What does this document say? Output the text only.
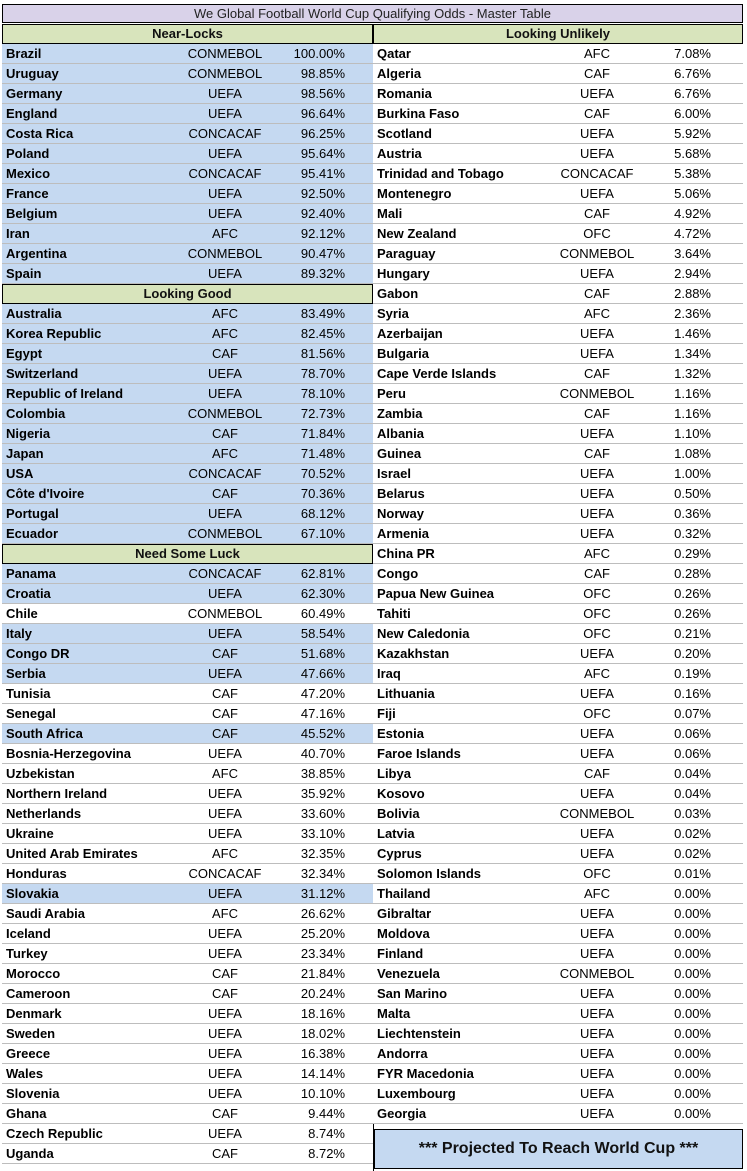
We Global Football World Cup Qualifying Odds - Master Table
Near-Locks
Brazil	CONMEBOL	100.00%
Uruguay	CONMEBOL	98.85%
Germany	UEFA	98.56%
England	UEFA	96.64%
Costa Rica	CONCACAF	96.25%
Poland	UEFA	95.64%
Mexico	CONCACAF	95.41%
France	UEFA	92.50%
Belgium	UEFA	92.40%
Iran	AFC	92.12%
Argentina	CONMEBOL	90.47%
Spain	UEFA	89.32%
Looking Good
Australia	AFC	83.49%
Korea Republic	AFC	82.45%
Egypt	CAF	81.56%
Switzerland	UEFA	78.70%
Republic of Ireland	UEFA	78.10%
Colombia	CONMEBOL	72.73%
Nigeria	CAF	71.84%
Japan	AFC	71.48%
USA	CONCACAF	70.52%
Côte d'Ivoire	CAF	70.36%
Portugal	UEFA	68.12%
Ecuador	CONMEBOL	67.10%
Need Some Luck
Panama	CONCACAF	62.81%
Croatia	UEFA	62.30%
Chile	CONMEBOL	60.49%
Italy	UEFA	58.54%
Congo DR	CAF	51.68%
Serbia	UEFA	47.66%
Tunisia	CAF	47.20%
Senegal	CAF	47.16%
South Africa	CAF	45.52%
Bosnia-Herzegovina	UEFA	40.70%
Uzbekistan	AFC	38.85%
Northern Ireland	UEFA	35.92%
Netherlands	UEFA	33.60%
Ukraine	UEFA	33.10%
United Arab Emirates	AFC	32.35%
Honduras	CONCACAF	32.34%
Slovakia	UEFA	31.12%
Saudi Arabia	AFC	26.62%
Iceland	UEFA	25.20%
Turkey	UEFA	23.34%
Morocco	CAF	21.84%
Cameroon	CAF	20.24%
Denmark	UEFA	18.16%
Sweden	UEFA	18.02%
Greece	UEFA	16.38%
Wales	UEFA	14.14%
Slovenia	UEFA	10.10%
Ghana	CAF	9.44%
Czech Republic	UEFA	8.74%
Uganda	CAF	8.72%
Looking Unlikely
Qatar	AFC	7.08%
Algeria	CAF	6.76%
Romania	UEFA	6.76%
Burkina Faso	CAF	6.00%
Scotland	UEFA	5.92%
Austria	UEFA	5.68%
Trinidad and Tobago	CONCACAF	5.38%
Montenegro	UEFA	5.06%
Mali	CAF	4.92%
New Zealand	OFC	4.72%
Paraguay	CONMEBOL	3.64%
Hungary	UEFA	2.94%
Gabon	CAF	2.88%
Syria	AFC	2.36%
Azerbaijan	UEFA	1.46%
Bulgaria	UEFA	1.34%
Cape Verde Islands	CAF	1.32%
Peru	CONMEBOL	1.16%
Zambia	CAF	1.16%
Albania	UEFA	1.10%
Guinea	CAF	1.08%
Israel	UEFA	1.00%
Belarus	UEFA	0.50%
Norway	UEFA	0.36%
Armenia	UEFA	0.32%
China PR	AFC	0.29%
Congo	CAF	0.28%
Papua New Guinea	OFC	0.26%
Tahiti	OFC	0.26%
New Caledonia	OFC	0.21%
Kazakhstan	UEFA	0.20%
Iraq	AFC	0.19%
Lithuania	UEFA	0.16%
Fiji	OFC	0.07%
Estonia	UEFA	0.06%
Faroe Islands	UEFA	0.06%
Libya	CAF	0.04%
Kosovo	UEFA	0.04%
Bolivia	CONMEBOL	0.03%
Latvia	UEFA	0.02%
Cyprus	UEFA	0.02%
Solomon Islands	OFC	0.01%
Thailand	AFC	0.00%
Gibraltar	UEFA	0.00%
Moldova	UEFA	0.00%
Finland	UEFA	0.00%
Venezuela	CONMEBOL	0.00%
San Marino	UEFA	0.00%
Malta	UEFA	0.00%
Liechtenstein	UEFA	0.00%
Andorra	UEFA	0.00%
FYR Macedonia	UEFA	0.00%
Luxembourg	UEFA	0.00%
Georgia	UEFA	0.00%
*** Projected To Reach World Cup ***
